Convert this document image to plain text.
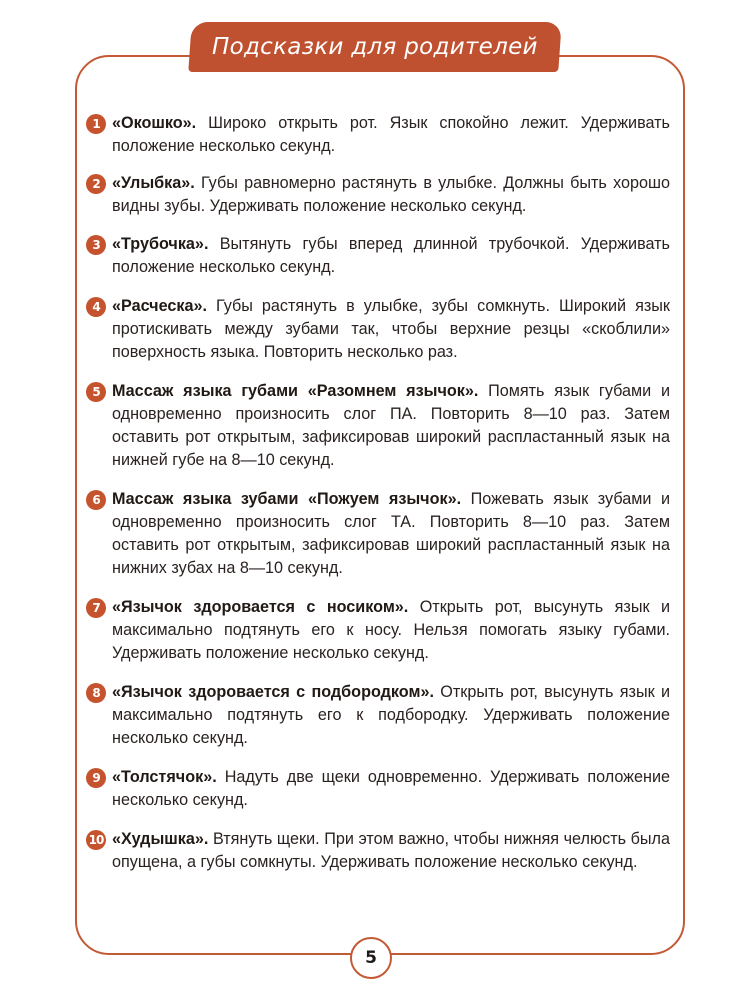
Подсказки для родителей
1 «Окошко». Широко открыть рот. Язык спокойно лежит. Удерживать положение несколько секунд.
2 «Улыбка». Губы равномерно растянуть в улыбке. Должны быть хорошо видны зубы. Удерживать положение несколько секунд.
3 «Трубочка». Вытянуть губы вперед длинной трубочкой. Удерживать положение несколько секунд.
4 «Расческа». Губы растянуть в улыбке, зубы сомкнуть. Широкий язык протискивать между зубами так, чтобы верхние резцы «скоблили» поверхность языка. Повторить несколько раз.
5 Массаж языка губами «Разомнем язычок». Помять язык губами и одновременно произносить слог ПА. Повторить 8—10 раз. Затем оставить рот открытым, зафиксировав широкий распластанный язык на нижней губе на 8—10 секунд.
6 Массаж языка зубами «Пожуем язычок». Пожевать язык зубами и одновременно произносить слог ТА. Повторить 8—10 раз. Затем оставить рот открытым, зафиксировав широкий распластанный язык на нижних зубах на 8—10 секунд.
7 «Язычок здоровается с носиком». Открыть рот, высунуть язык и максимально подтянуть его к носу. Нельзя помогать языку губами. Удерживать положение несколько секунд.
8 «Язычок здоровается с подбородком». Открыть рот, высунуть язык и максимально подтянуть его к подбородку. Удерживать положение несколько секунд.
9 «Толстячок». Надуть две щеки одновременно. Удерживать положение несколько секунд.
10 «Худышка». Втянуть щеки. При этом важно, чтобы нижняя челюсть была опущена, а губы сомкнуты. Удерживать положение несколько секунд.
5
